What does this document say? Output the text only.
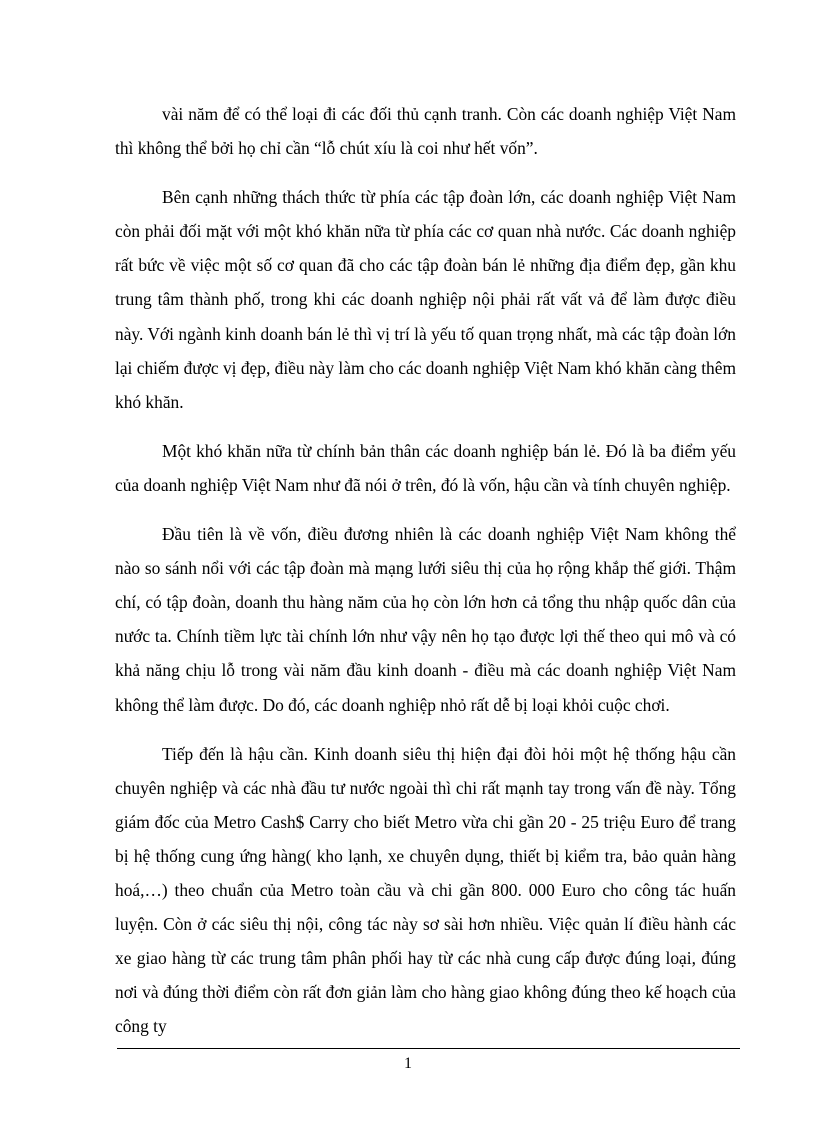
vài năm để có thể loại đi các đối thủ cạnh tranh. Còn các doanh nghiệp Việt Nam thì không thể bởi họ chỉ cần “lỗ chút xíu là coi như hết vốn”.

Bên cạnh những thách thức từ phía các tập đoàn lớn, các doanh nghiệp Việt Nam còn phải đối mặt với một khó khăn nữa từ phía các cơ quan nhà nước. Các doanh nghiệp rất bức về việc một số cơ quan đã cho các tập đoàn bán lẻ những địa điểm đẹp, gần khu trung tâm thành phố, trong khi các doanh nghiệp nội phải rất vất vả để làm được điều này. Với ngành kinh doanh bán lẻ thì vị trí là yếu tố quan trọng nhất, mà các tập đoàn lớn lại chiếm được vị đẹp, điều này làm cho các doanh nghiệp Việt Nam khó khăn càng thêm khó khăn.

Một khó khăn nữa từ chính bản thân các doanh nghiệp bán lẻ. Đó là ba điểm yếu của doanh nghiệp Việt Nam như đã nói ở trên, đó là vốn, hậu cần và tính chuyên nghiệp.

Đầu tiên là về vốn, điều đương nhiên là các doanh nghiệp Việt Nam không thể nào so sánh nổi với các tập đoàn mà mạng lưới siêu thị của họ rộng khắp thế giới. Thậm chí, có tập đoàn, doanh thu hàng năm của họ còn lớn hơn cả tổng thu nhập quốc dân của nước ta. Chính tiềm lực tài chính lớn như vậy nên họ tạo được lợi thế theo qui mô và có khả năng chịu lỗ trong vài năm đầu kinh doanh - điều mà các doanh nghiệp Việt Nam không thể làm được. Do đó, các doanh nghiệp nhỏ rất dễ bị loại khỏi cuộc chơi.

Tiếp đến là hậu cần. Kinh doanh siêu thị hiện đại đòi hỏi một hệ thống hậu cần chuyên nghiệp và các nhà đầu tư nước ngoài thì chi rất mạnh tay trong vấn đề này. Tổng giám đốc của Metro Cash$ Carry cho biết Metro vừa chi gần 20 - 25 triệu Euro để trang bị hệ thống cung ứng hàng( kho lạnh, xe chuyên dụng, thiết bị kiểm tra, bảo quản hàng hoá,…) theo chuẩn của Metro toàn cầu và chi gần 800. 000 Euro cho công tác huấn luyện. Còn ở các siêu thị nội, công tác này sơ sài hơn nhiều. Việc quản lí điều hành các xe giao hàng từ các trung tâm phân phối hay từ các nhà cung cấp được đúng loại, đúng nơi và đúng thời điểm còn rất đơn giản làm cho hàng giao không đúng theo kế hoạch của công ty

1
